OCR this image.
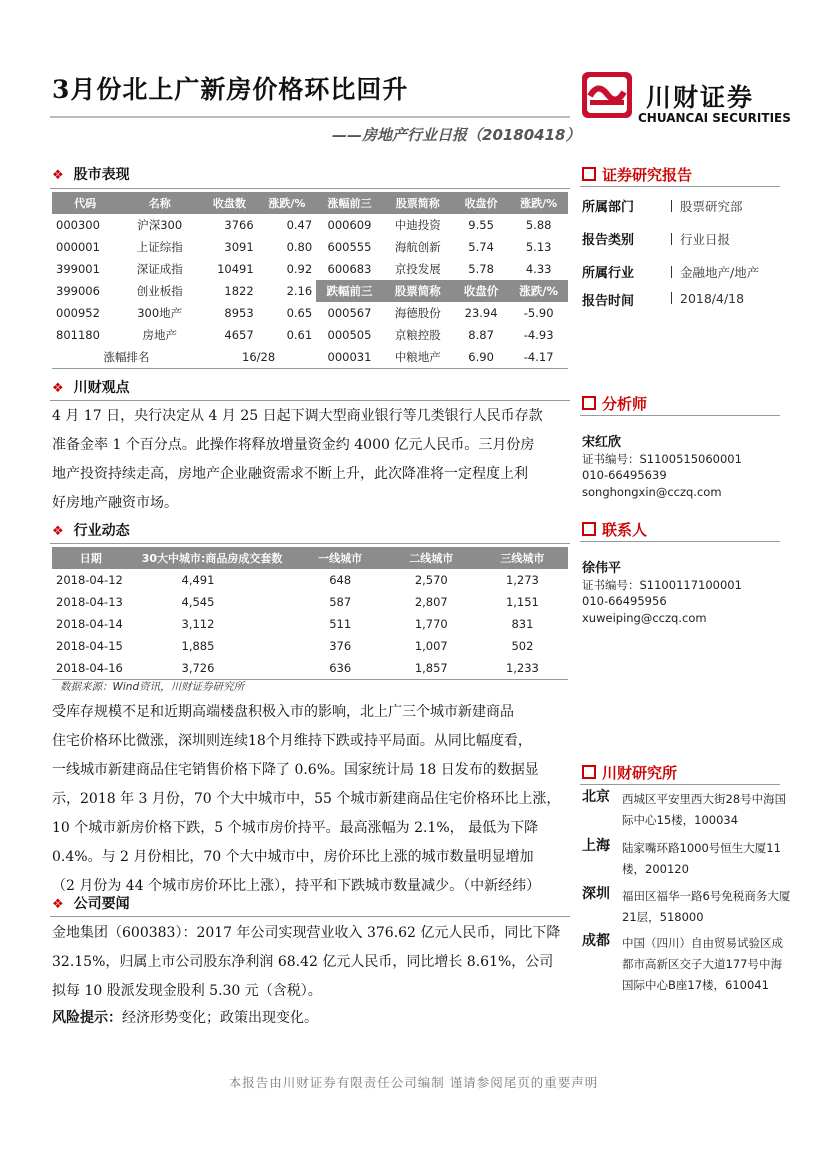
3月份北上广新房价格环比回升
——房地产行业日报（20180418）
川财证券
CHUANCAI SECURITIES
❖ 股市表现
代码	名称	收盘数	涨跌/%	涨幅前三	股票简称	收盘价	涨跌/%
000300	沪深300	3766	0.47	000609	中迪投资	9.55	5.88
000001	上证综指	3091	0.80	600555	海航创新	5.74	5.13
399001	深证成指	10491	0.92	600683	京投发展	5.78	4.33
399006	创业板指	1822	2.16	跌幅前三	股票简称	收盘价	涨跌/%
000952	300地产	8953	0.65	000567	海德股份	23.94	-5.90
801180	房地产	4657	0.61	000505	京粮控股	8.87	-4.93
涨幅排名		16/28		000031	中粮地产	6.90	-4.17
❖ 川财观点
4 月 17 日，央行决定从 4 月 25 日起下调大型商业银行等几类银行人民币存款
准备金率 1 个百分点。此操作将释放增量资金约 4000 亿元人民币。三月份房
地产投资持续走高，房地产企业融资需求不断上升，此次降准将一定程度上利
好房地产融资市场。
❖ 行业动态
日期	30大中城市:商品房成交套数	一线城市	二线城市	三线城市
2018-04-12	4,491	648	2,570	1,273
2018-04-13	4,545	587	2,807	1,151
2018-04-14	3,112	511	1,770	831
2018-04-15	1,885	376	1,007	502
2018-04-16	3,726	636	1,857	1,233
数据来源：Wind资讯，川财证券研究所
受库存规模不足和近期高端楼盘积极入市的影响，北上广三个城市新建商品
住宅价格环比微涨，深圳则连续18个月维持下跌或持平局面。从同比幅度看，
一线城市新建商品住宅销售价格下降了 0.6%。国家统计局 18 日发布的数据显
示，2018 年 3 月份，70 个大中城市中，55 个城市新建商品住宅价格环比上涨，
10 个城市新房价格下跌，5 个城市房价持平。最高涨幅为 2.1%， 最低为下降
0.4%。与 2 月份相比，70 个大中城市中，房价环比上涨的城市数量明显增加
（2 月份为 44 个城市房价环比上涨），持平和下跌城市数量减少。（中新经纬）
❖ 公司要闻
金地集团（600383）：2017 年公司实现营业收入 376.62 亿元人民币，同比下降
32.15%，归属上市公司股东净利润 68.42 亿元人民币，同比增长 8.61%，公司
拟每 10 股派发现金股利 5.30 元（含税）。
风险提示：经济形势变化；政策出现变化。
证券研究报告
所属部门	股票研究部
报告类别	行业日报
所属行业	金融地产/地产
报告时间	2018/4/18
分析师
宋红欣
证书编号：S1100515060001
010-66495639
songhongxin@cczq.com
联系人
徐伟平
证书编号：S1100117100001
010-66495956
xuweiping@cczq.com
川财研究所
北京 西城区平安里西大街28号中海国际中心15楼，100034
上海 陆家嘴环路1000号恒生大厦11楼，200120
深圳 福田区福华一路6号免税商务大厦21层，518000
成都 中国（四川）自由贸易试验区成都市高新区交子大道177号中海国际中心B座17楼，610041
本报告由川财证券有限责任公司编制 谨请参阅尾页的重要声明
